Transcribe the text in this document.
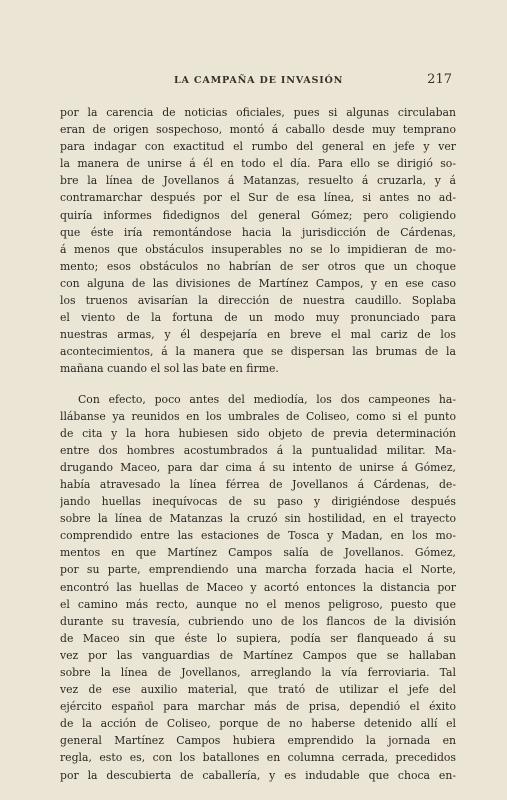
LA CAMPAÑA DE INVASIÓN	217
por la carencia de noticias oficiales, pues si algunas circulaban
eran de origen sospechoso, montó á caballo desde muy temprano
para indagar con exactitud el rumbo del general en jefe y ver
la manera de unirse á él en todo el día. Para ello se dirigió so-
bre la línea de Jovellanos á Matanzas, resuelto á cruzarla, y á
contramarchar después por el Sur de esa línea, si antes no ad-
quiría informes fidedignos del general Gómez; pero coligiendo
que éste iría remontándose hacia la jurisdicción de Cárdenas,
á menos que obstáculos insuperables no se lo impidieran de mo-
mento; esos obstáculos no habrían de ser otros que un choque
con alguna de las divisiones de Martínez Campos, y en ese caso
los truenos avisarían la dirección de nuestra caudillo. Soplaba
el viento de la fortuna de un modo muy pronunciado para
nuestras armas, y él despejaría en breve el mal cariz de los
acontecimientos, á la manera que se dispersan las brumas de la
mañana cuando el sol las bate en firme.
Con efecto, poco antes del mediodía, los dos campeones ha-
llábanse ya reunidos en los umbrales de Coliseo, como si el punto
de cita y la hora hubiesen sido objeto de previa determinación
entre dos hombres acostumbrados á la puntualidad militar. Ma-
drugando Maceo, para dar cima á su intento de unirse á Gómez,
había atravesado la línea férrea de Jovellanos á Cárdenas, de-
jando huellas inequívocas de su paso y dirigiéndose después
sobre la línea de Matanzas la cruzó sin hostilidad, en el trayecto
comprendido entre las estaciones de Tosca y Madan, en los mo-
mentos en que Martínez Campos salía de Jovellanos. Gómez,
por su parte, emprendiendo una marcha forzada hacia el Norte,
encontró las huellas de Maceo y acortó entonces la distancia por
el camino más recto, aunque no el menos peligroso, puesto que
durante su travesía, cubriendo uno de los flancos de la división
de Maceo sin que éste lo supiera, podía ser flanqueado á su
vez por las vanguardias de Martínez Campos que se hallaban
sobre la línea de Jovellanos, arreglando la vía ferroviaria. Tal
vez de ese auxilio material, que trató de utilizar el jefe del
ejército español para marchar más de prisa, dependió el éxito
de la acción de Coliseo, porque de no haberse detenido allí el
general Martínez Campos hubiera emprendido la jornada en
regla, esto es, con los batallones en columna cerrada, precedidos
por la descubierta de caballería, y es indudable que choca en-
